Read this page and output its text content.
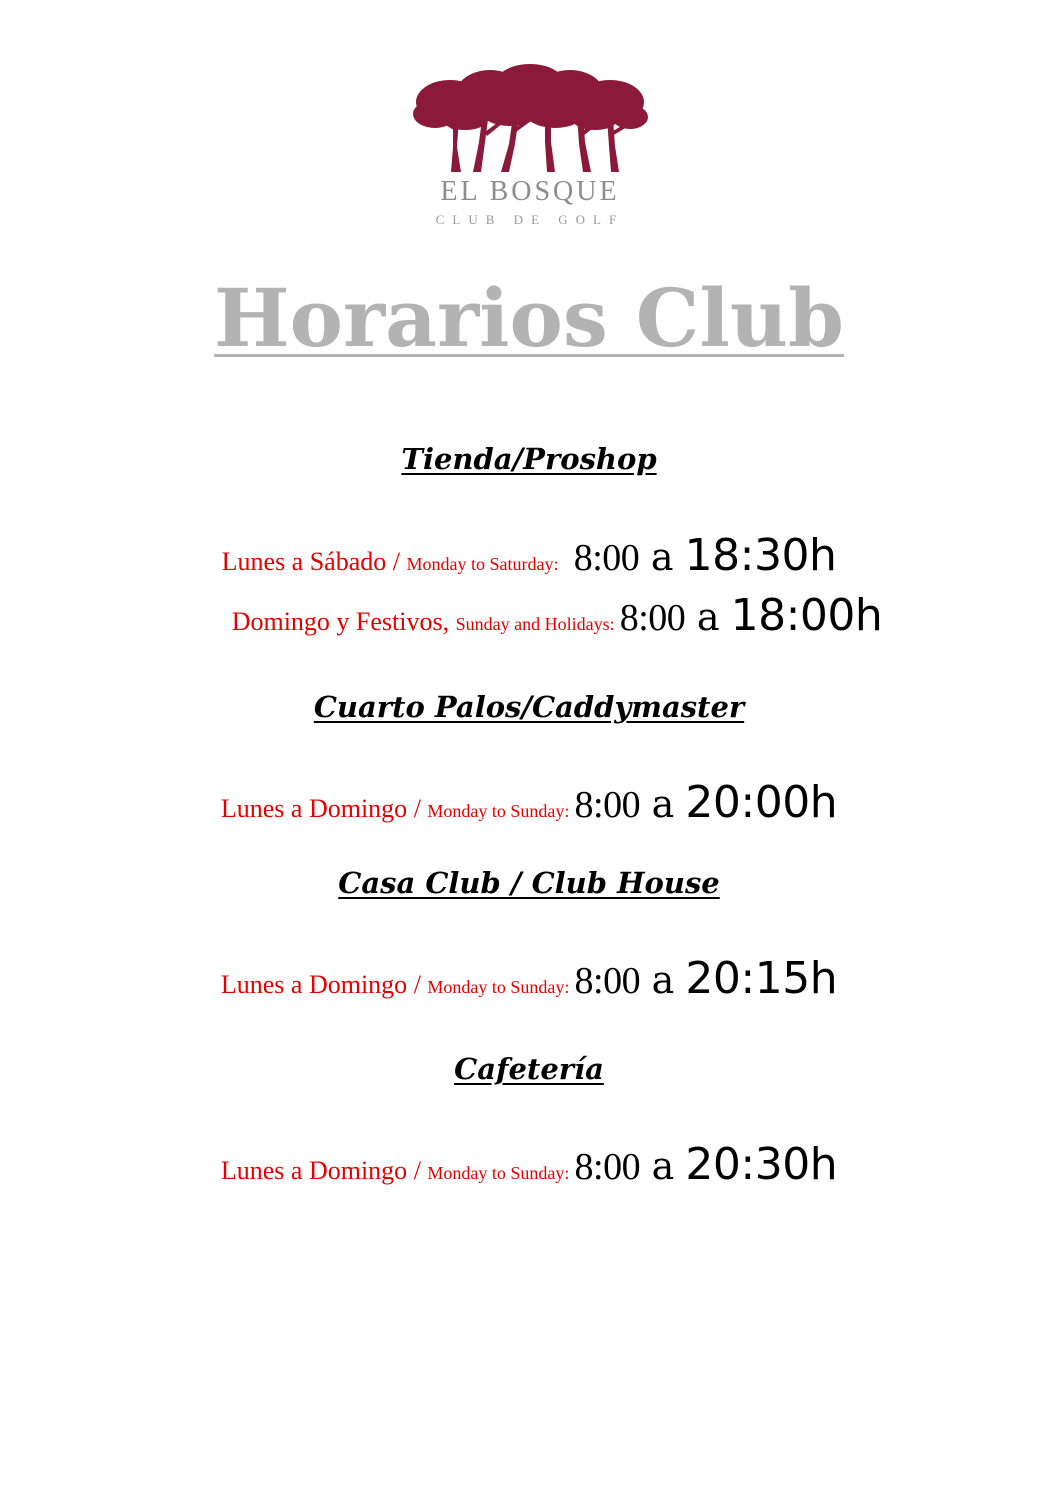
EL BOSQUE
CLUB DE GOLF
Horarios Club
Tienda/Proshop

Lunes a Sábado / Monday to Saturday: 8:00 a 18:30h

Domingo y Festivos, Sunday and Holidays: 8:00 a 18:00h

Cuarto Palos/Caddymaster

Lunes a Domingo / Monday to Sunday: 8:00 a 20:00h

Casa Club / Club House

Lunes a Domingo / Monday to Sunday: 8:00 a 20:15h

Cafetería

Lunes a Domingo / Monday to Sunday: 8:00 a 20:30h
